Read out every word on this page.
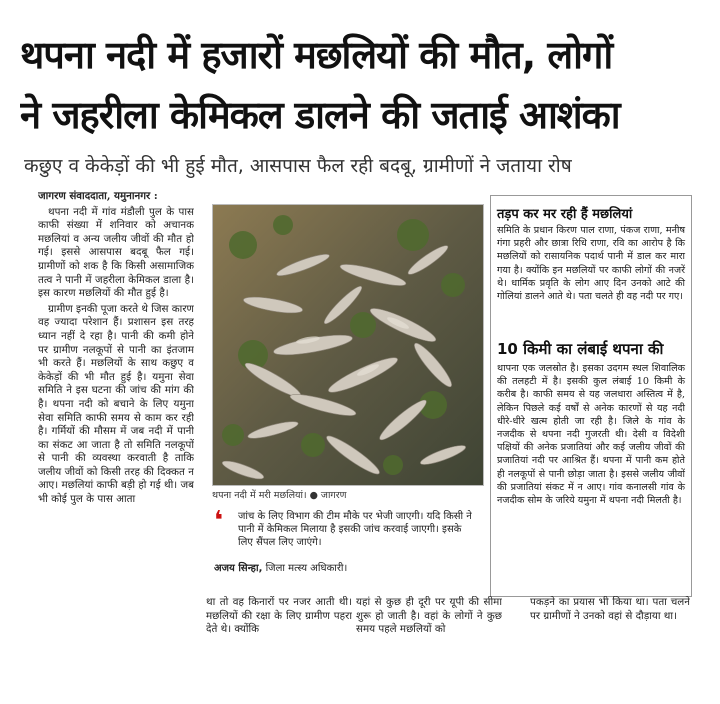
थपना नदी में हजारों मछलियों की मौत, लोगों
ने जहरीला केमिकल डालने की जताई आशंका
कछुए व केकेड़ों की भी हुई मौत, आसपास फैल रही बदबू, ग्रामीणों ने जताया रोष

जागरण संवाददाता, यमुनानगर :

थपना नदी में गांव मंडौली पुल के पास काफी संख्या में शनिवार को अचानक मछलियां व अन्य जलीय जीवों की मौत हो गई। इससे आसपास बदबू फैल गई। ग्रामीणों को शक है कि किसी असामाजिक तत्व ने पानी में जहरीला केमिकल डाला है। इस कारण मछलियों की मौत हुई है।

ग्रामीण इनकी पूजा करते थे जिस कारण वह ज्यादा परेशान हैं। प्रशासन इस तरह ध्यान नहीं दे रहा है। पानी की कमी होने पर ग्रामीण नलकूपों से पानी का इंतजाम भी करते हैं। मछलियों के साथ कछुए व केकेड़ों की भी मौत हुई है। यमुना सेवा समिति ने इस घटना की जांच की मांग की है। थपना नदी को बचाने के लिए यमुना सेवा समिति काफी समय से काम कर रही है। गर्मियों की मौसम में जब नदी में पानी का संकट आ जाता है तो समिति नलकूपों से पानी की व्यवस्था करवाती है ताकि जलीय जीवों को किसी तरह की दिक्कत न आए। मछलियां काफी बड़ी हो गई थी। जब भी कोई पुल के पास आता	थपना नदी में मरी मछलियां। ● जागरण
❛ जांच के लिए विभाग की टीम मौके पर भेजी जाएगी। यदि किसी ने पानी में केमिकल मिलाया है इसकी जांच करवाई जाएगी। इसके लिए सैंपल लिए जाएंगे।
अजय सिन्हा, जिला मत्स्य अधिकारी।
तड़प कर मर रही हैं मछलियां
समिति के प्रधान किरण पाल राणा, पंकज राणा, मनीष गंगा प्रहरी और छात्रा रिधि राणा, रवि का आरोप है कि मछलियों को रासायनिक पदार्थ पानी में डाल कर मारा गया है। क्योंकि इन मछलियों पर काफी लोगों की नजरें थे। धार्मिक प्रवृति के लोग आए दिन उनको आटे की गोलियां डालने आते थे। पता चलते ही वह नदी पर गए।
10 किमी का लंबाई थपना की
थापना एक जलस्रोत है। इसका उदगम स्थल शिवालिक की तलहटी में है। इसकी कुल लंबाई 10 किमी के करीब है। काफी समय से यह जलधारा अस्तित्व में है, लेकिन पिछले कई वर्षों से अनेक कारणों से यह नदी धीरे-धीरे खत्म होती जा रही है। जिले के गांव के नजदीक से थपना नदी गुजरती थी। देसी व विदेशी पक्षियों की अनेक प्रजातियां और कई जलीय जीवों की प्रजातियां नदी पर आश्रित हैं। थपना में पानी कम होते ही नलकूपों से पानी छोड़ा जाता है। इससे जलीय जीवों की प्रजातियां संकट में न आए। गांव कनालसी गांव के नजदीक सोम के जरिये यमुना में थपना नदी मिलती है।
था तो वह किनारों पर नजर आती थी। मछलियों की रक्षा के लिए ग्रामीण पहरा देते थे। क्योंकि
यहां से कुछ ही दूरी पर यूपी की सीमा शुरू हो जाती है। वहां के लोगों ने कुछ समय पहले मछलियों को
पकड़ने का प्रयास भी किया था। पता चलने पर ग्रामीणों ने उनको वहां से दौड़ाया था।
